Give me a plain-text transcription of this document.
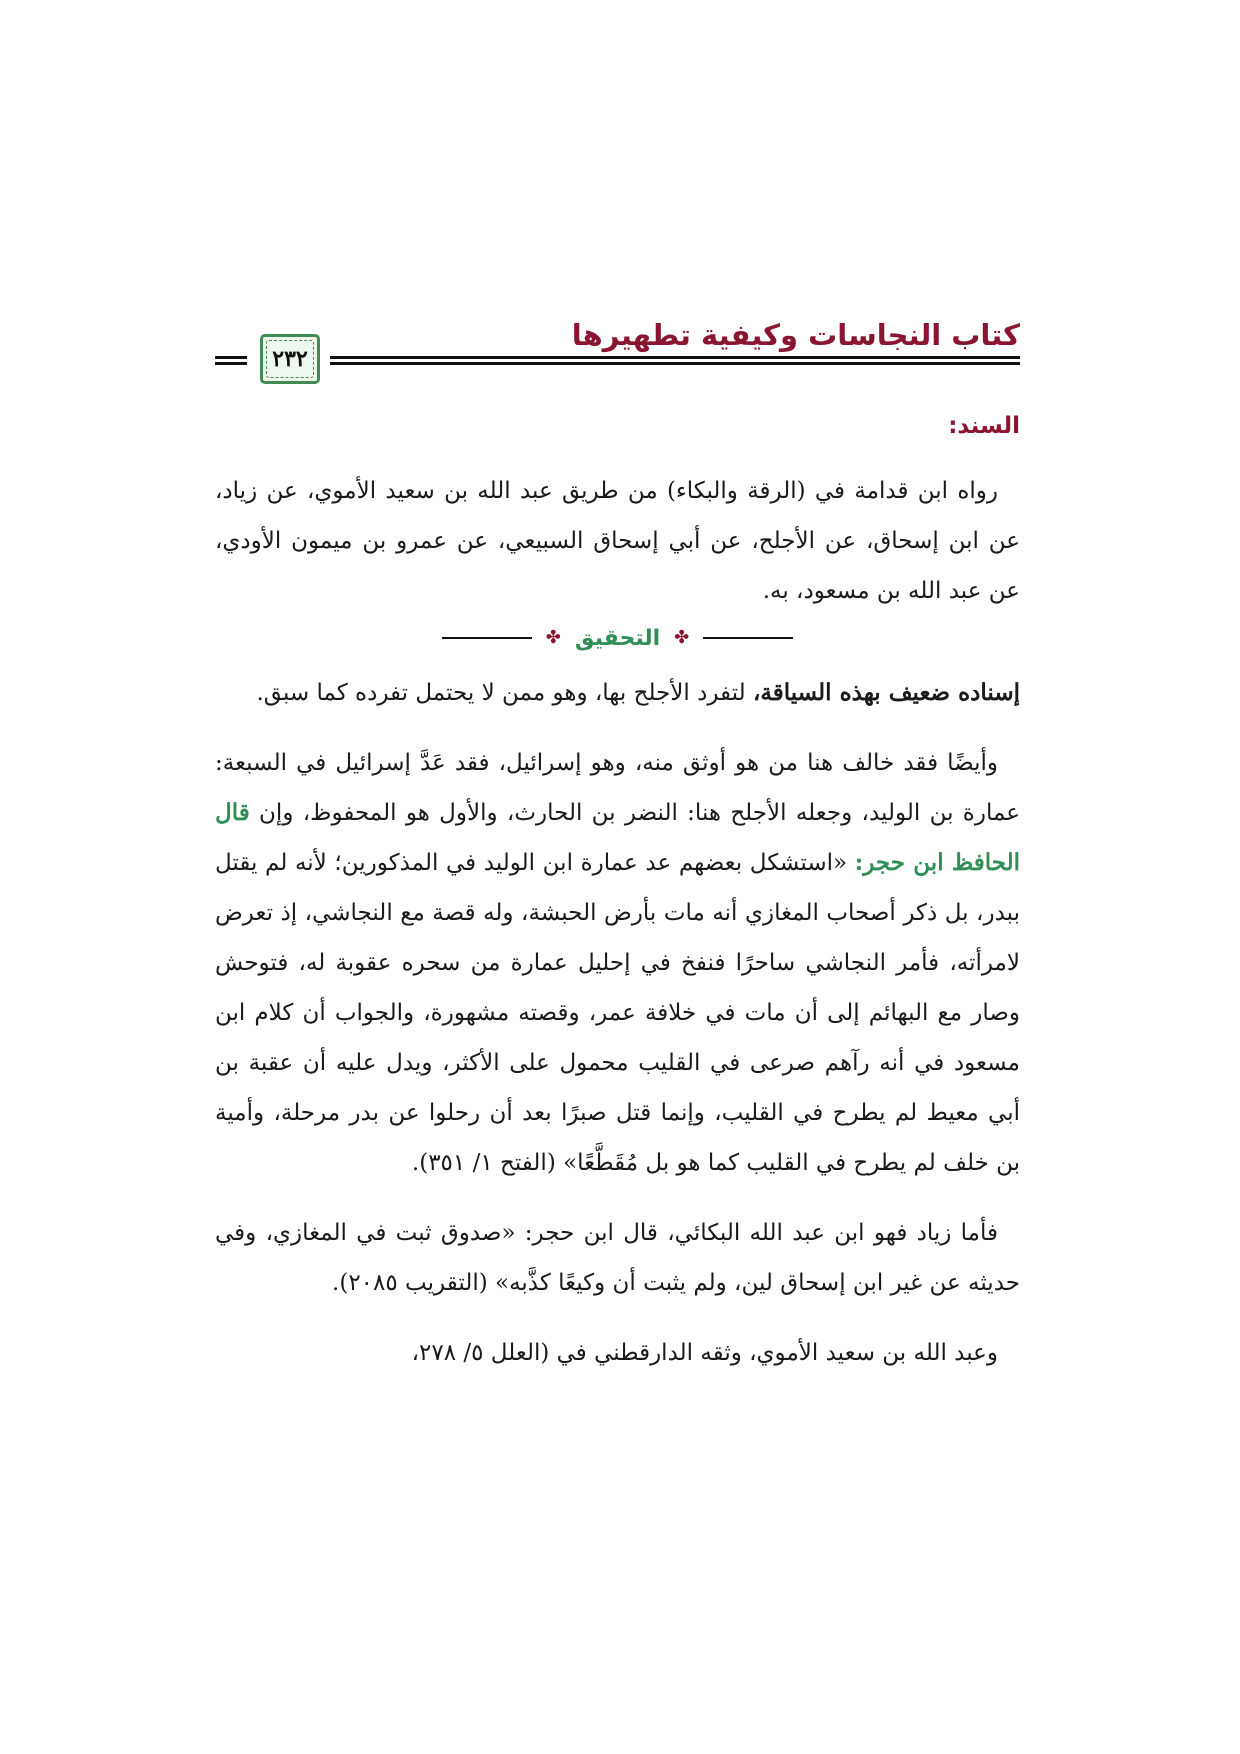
كتاب النجاسات وكيفية تطهيرها
٢٣٢
السند:

رواه ابن قدامة في (الرقة والبكاء) من طريق عبد الله بن سعيد الأموي، عن زياد، عن ابن إسحاق، عن الأجلح، عن أبي إسحاق السبيعي، عن عمرو بن ميمون الأودي، عن عبد الله بن مسعود، به.

✤
التحقيق
✤

إسناده ضعيف بهذه السياقة، لتفرد الأجلح بها، وهو ممن لا يحتمل تفرده كما سبق.

وأيضًا فقد خالف هنا من هو أوثق منه، وهو إسرائيل، فقد عَدَّ إسرائيل في السبعة: عمارة بن الوليد، وجعله الأجلح هنا: النضر بن الحارث، والأول هو المحفوظ، وإن قال الحافظ ابن حجر: «استشكل بعضهم عد عمارة ابن الوليد في المذكورين؛ لأنه لم يقتل ببدر، بل ذكر أصحاب المغازي أنه مات بأرض الحبشة، وله قصة مع النجاشي، إذ تعرض لامرأته، فأمر النجاشي ساحرًا فنفخ في إحليل عمارة من سحره عقوبة له، فتوحش وصار مع البهائم إلى أن مات في خلافة عمر، وقصته مشهورة، والجواب أن كلام ابن مسعود في أنه رآهم صرعى في القليب محمول على الأكثر، ويدل عليه أن عقبة بن أبي معيط لم يطرح في القليب، وإنما قتل صبرًا بعد أن رحلوا عن بدر مرحلة، وأمية بن خلف لم يطرح في القليب كما هو بل مُقَطَّعًا» (الفتح ١/ ٣٥١).

فأما زياد فهو ابن عبد الله البكائي، قال ابن حجر: «صدوق ثبت في المغازي، وفي حديثه عن غير ابن إسحاق لين، ولم يثبت أن وكيعًا كذَّبه» (التقريب ٢٠٨٥).

وعبد الله بن سعيد الأموي، وثقه الدارقطني في (العلل ٥/ ٢٧٨،
